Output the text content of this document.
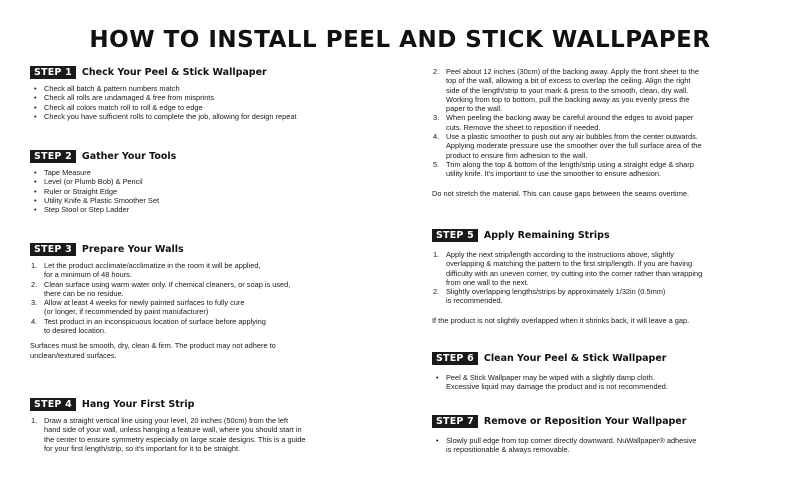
HOW TO INSTALL PEEL AND STICK WALLPAPER
STEP 1	Check Your Peel & Stick Wallpaper
• Check all batch & pattern numbers match
• Check all rolls are undamaged & free from misprints
• Check all colors match roll to roll & edge to edge
• Check you have sufficient rolls to complete the job, allowing for design repeat
STEP 2	Gather Your Tools
• Tape Measure
• Level (or Plumb Bob) & Pencil
• Ruler or Straight Edge
• Utility Knife & Plastic Smoother Set
• Step Stool or Step Ladder
STEP 3	Prepare Your Walls
1. Let the product acclimate/acclimatize in the room it will be applied,
for a minimum of 48 hours.
2. Clean surface using warm water only. If chemical cleaners, or soap is used,
there can be no residue.
3. Allow at least 4 weeks for newly painted surfaces to fully cure
(or longer, if recommended by paint manufacturer)
4. Test product in an inconspicuous location of surface before applying
to desired location.
Surfaces must be smooth, dry, clean & firm. The product may not adhere to
unclean/textured surfaces.
STEP 4	Hang Your First Strip
1. Draw a straight vertical line using your level, 20 inches (50cm) from the left
hand side of your wall, unless hanging a feature wall, where you should start in
the center to ensure symmetry especially on large scale designs. This is a guide
for your first length/strip, so it's important for it to be straight.
2. Peel about 12 inches (30cm) of the backing away. Apply the front sheet to the
top of the wall, allowing a bit of excess to overlap the ceiling. Align the right
side of the length/strip to your mark & press to the smooth, clean, dry wall.
Working from top to bottom, pull the backing away as you evenly press the
paper to the wall.
3. When peeling the backing away be careful around the edges to avoid paper
cuts. Remove the sheet to reposition if needed.
4. Use a plastic smoother to push out any air bubbles from the center outwards.
Applying moderate pressure use the smoother over the full surface area of the
product to ensure firm adhesion to the wall.
5. Trim along the top & bottom of the length/strip using a straight edge & sharp
utility knife. It's important to use the smoother to ensure adhesion.
Do not stretch the material. This can cause gaps between the seams overtime.
STEP 5	Apply Remaining Strips
1. Apply the next strip/length according to the instructions above, slightly
overlapping & matching the pattern to the first strip/length. If you are having
difficulty with an uneven corner, try cutting into the corner rather than wrapping
from one wall to the next.
2. Slightly overlapping lengths/strips by approximately 1/32in (0.5mm)
is recommended.
If the product is not slightly overlapped when it shrinks back, it will leave a gap.
STEP 6	Clean Your Peel & Stick Wallpaper
• Peel & Stick Wallpaper may be wiped with a slightly damp cloth.
Excessive liquid may damage the product and is not recommended.
STEP 7	Remove or Reposition Your Wallpaper
• Slowly pull edge from top corner directly downward. NuWallpaper® adhesive
is repositionable & always removable.
